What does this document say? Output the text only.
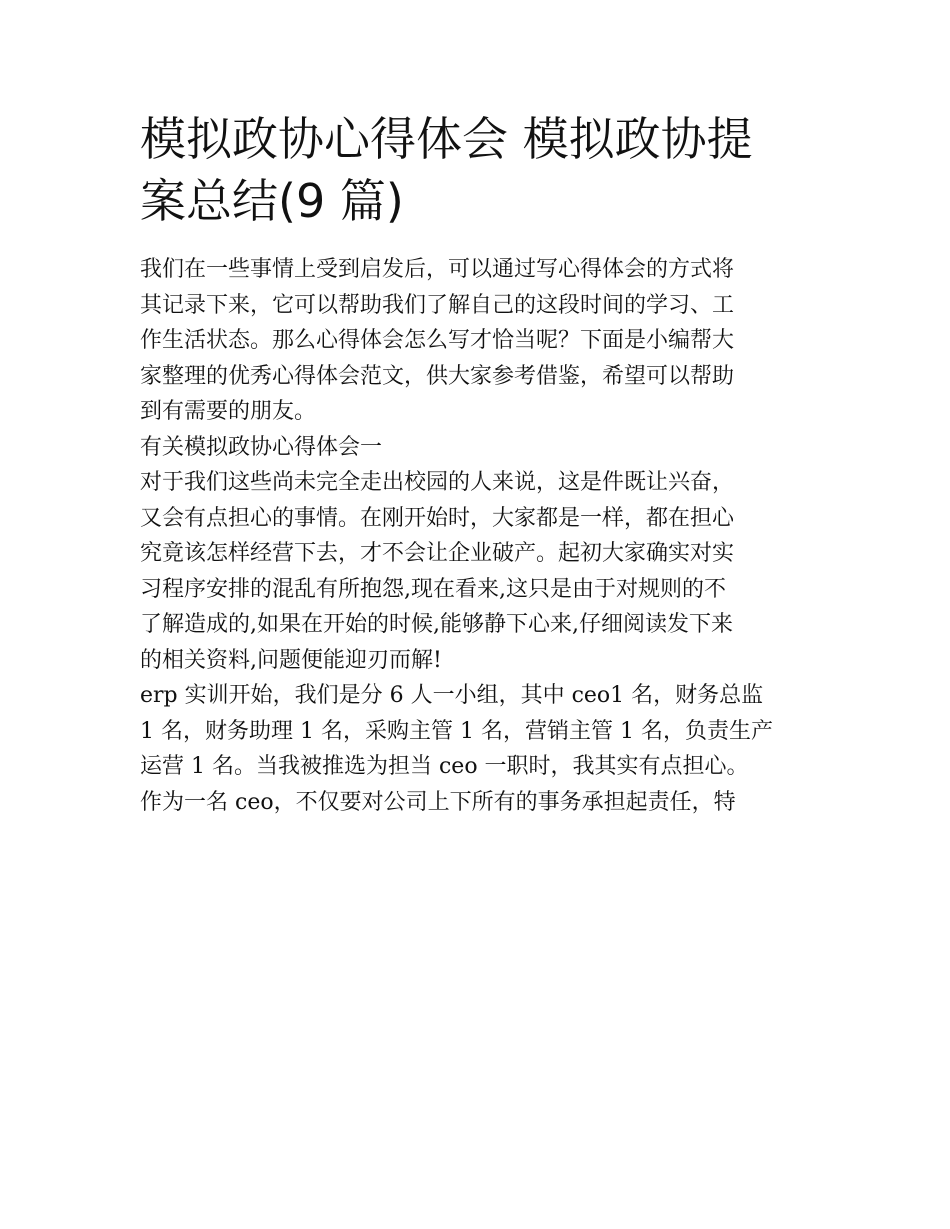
模拟政协心得体会 模拟政协提
案总结(9 篇)
我们在一些事情上受到启发后，可以通过写心得体会的方式将
其记录下来，它可以帮助我们了解自己的这段时间的学习、工
作生活状态。那么心得体会怎么写才恰当呢？下面是小编帮大
家整理的优秀心得体会范文，供大家参考借鉴，希望可以帮助
到有需要的朋友。
有关模拟政协心得体会一
对于我们这些尚未完全走出校园的人来说，这是件既让兴奋，
又会有点担心的事情。在刚开始时，大家都是一样，都在担心
究竟该怎样经营下去，才不会让企业破产。起初大家确实对实
习程序安排的混乱有所抱怨,现在看来,这只是由于对规则的不
了解造成的,如果在开始的时候,能够静下心来,仔细阅读发下来
的相关资料,问题便能迎刃而解!
erp 实训开始，我们是分 6 人一小组，其中 ceo1 名，财务总监
1 名，财务助理 1 名，采购主管 1 名，营销主管 1 名，负责生产
运营 1 名。当我被推选为担当 ceo 一职时，我其实有点担心。
作为一名 ceo，不仅要对公司上下所有的事务承担起责任，特
